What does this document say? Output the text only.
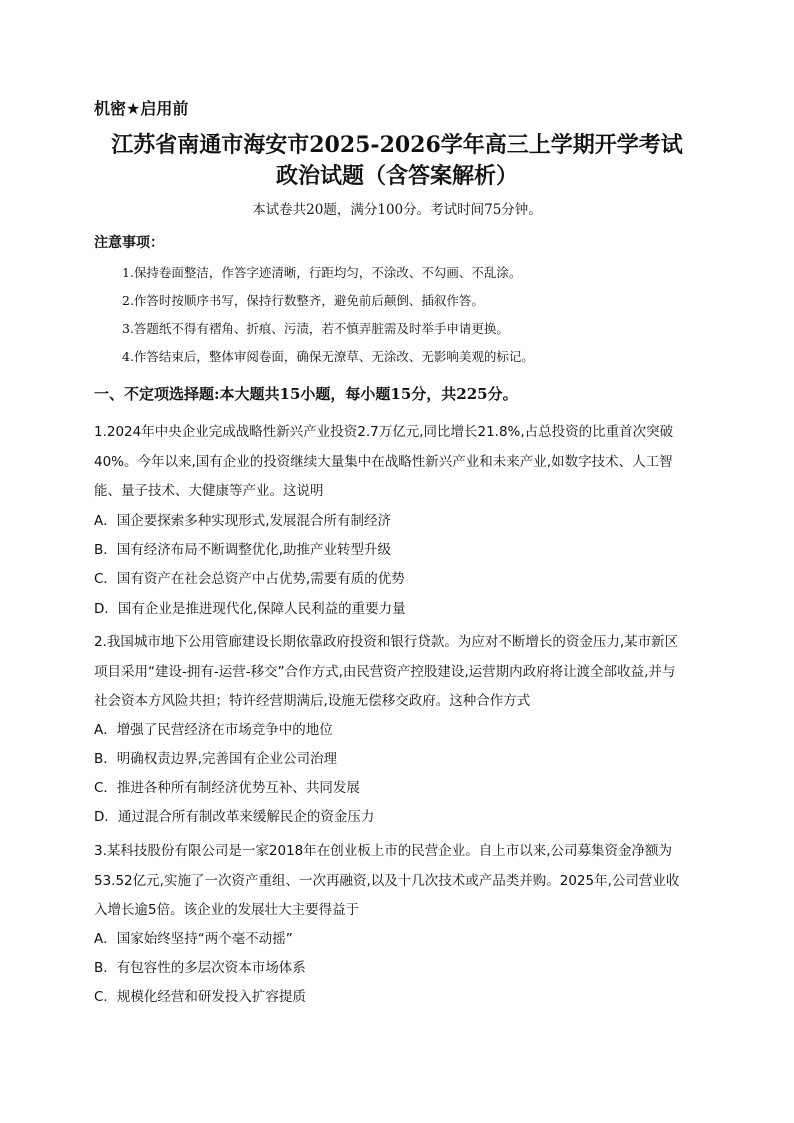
机密★启用前
江苏省南通市海安市2025-2026学年高三上学期开学考试
政治试题（含答案解析）
本试卷共20题，满分100分。考试时间75分钟。
注意事项：
1.保持卷面整洁，作答字迹清晰，行距均匀，不涂改、不勾画、不乱涂。
2.作答时按顺序书写，保持行数整齐，避免前后颠倒、插叙作答。
3.答题纸不得有褶角、折痕、污渍，若不慎弄脏需及时举手申请更换。
4.作答结束后，整体审阅卷面，确保无潦草、无涂改、无影响美观的标记。
一、不定项选择题:本大题共15小题，每小题15分，共225分。
1.2024年中央企业完成战略性新兴产业投资2.7万亿元,同比增长21.8%,占总投资的比重首次突破
40%。今年以来,国有企业的投资继续大量集中在战略性新兴产业和未来产业,如数字技术、人工智
能、量子技术、大健康等产业。这说明
A．国企要探索多种实现形式,发展混合所有制经济
B．国有经济布局不断调整优化,助推产业转型升级
C．国有资产在社会总资产中占优势,需要有质的优势
D．国有企业是推进现代化,保障人民利益的重要力量
2.我国城市地下公用管廊建设长期依靠政府投资和银行贷款。为应对不断增长的资金压力,某市新区
项目采用“建设-拥有-运营-移交”合作方式,由民营资产控股建设,运营期内政府将让渡全部收益,并与
社会资本方风险共担；特许经营期满后,设施无偿移交政府。这种合作方式
A．增强了民营经济在市场竞争中的地位
B．明确权责边界,完善国有企业公司治理
C．推进各种所有制经济优势互补、共同发展
D．通过混合所有制改革来缓解民企的资金压力
3.某科技股份有限公司是一家2018年在创业板上市的民营企业。自上市以来,公司募集资金净额为
53.52亿元,实施了一次资产重组、一次再融资,以及十几次技术或产品类并购。2025年,公司营业收
入增长逾5倍。该企业的发展壮大主要得益于
A．国家始终坚持“两个毫不动摇”
B．有包容性的多层次资本市场体系
C．规模化经营和研发投入扩容提质
